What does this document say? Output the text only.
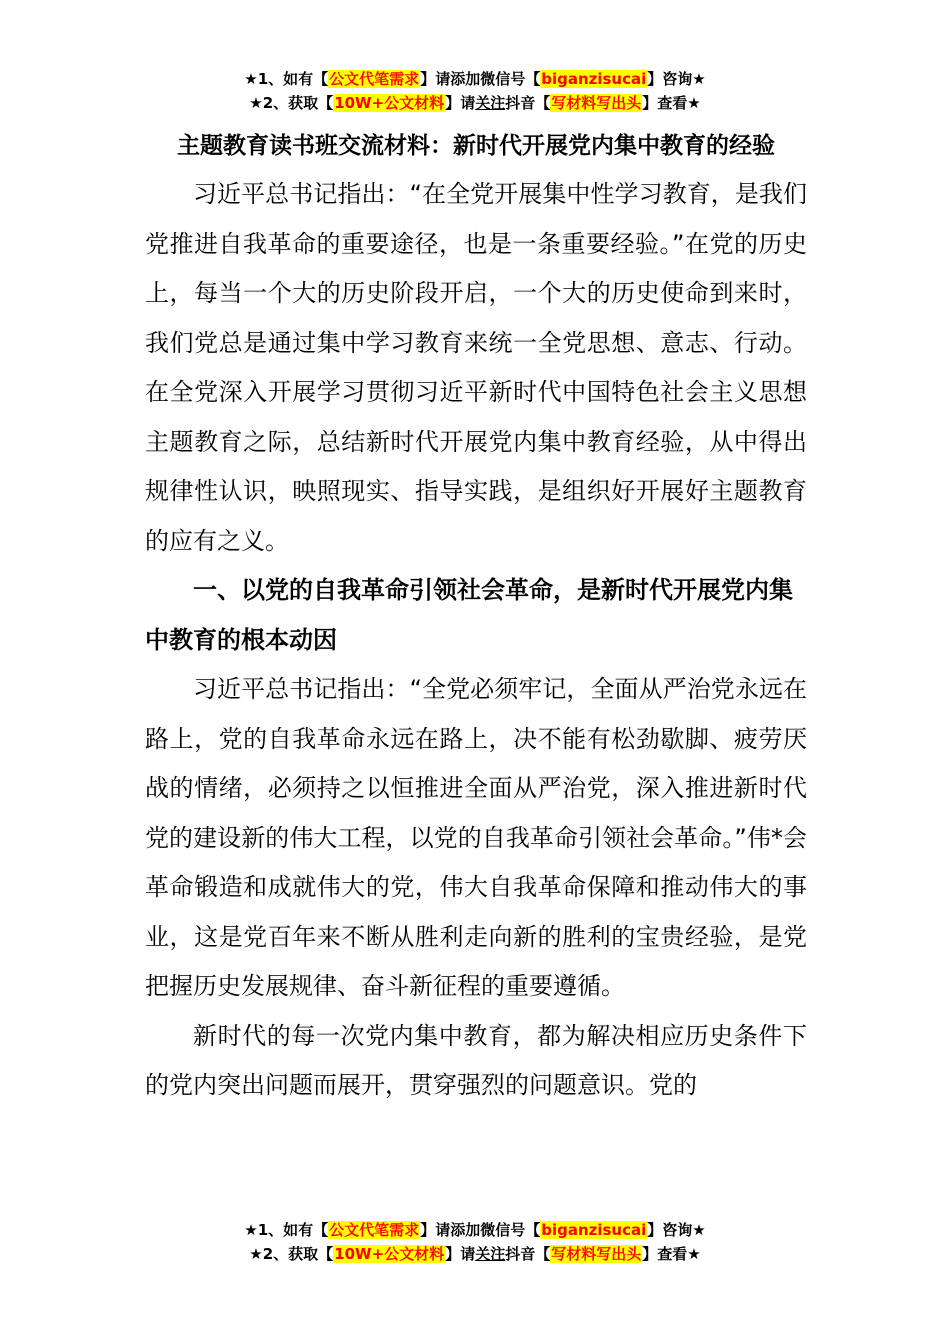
★1、如有【公文代笔需求】请添加微信号【biganzisucai】咨询★
★2、获取【10W+公文材料】请关注抖音【写材料写出头】查看★

主题教育读书班交流材料：新时代开展党内集中教育的经验

习近平总书记指出：“在全党开展集中性学习教育，是我们党推进自我革命的重要途径，也是一条重要经验。”在党的历史上，每当一个大的历史阶段开启，一个大的历史使命到来时，我们党总是通过集中学习教育来统一全党思想、意志、行动。在全党深入开展学习贯彻习近平新时代中国特色社会主义思想主题教育之际，总结新时代开展党内集中教育经验，从中得出规律性认识，映照现实、指导实践，是组织好开展好主题教育的应有之义。

一、以党的自我革命引领社会革命，是新时代开展党内集中教育的根本动因

习近平总书记指出：“全党必须牢记，全面从严治党永远在路上，党的自我革命永远在路上，决不能有松劲歇脚、疲劳厌战的情绪，必须持之以恒推进全面从严治党，深入推进新时代党的建设新的伟大工程，以党的自我革命引领社会革命。”伟*会革命锻造和成就伟大的党，伟大自我革命保障和推动伟大的事业，这是党百年来不断从胜利走向新的胜利的宝贵经验，是党把握历史发展规律、奋斗新征程的重要遵循。

新时代的每一次党内集中教育，都为解决相应历史条件下的党内突出问题而展开，贯穿强烈的问题意识。党的

★1、如有【公文代笔需求】请添加微信号【biganzisucai】咨询★
★2、获取【10W+公文材料】请关注抖音【写材料写出头】查看★
